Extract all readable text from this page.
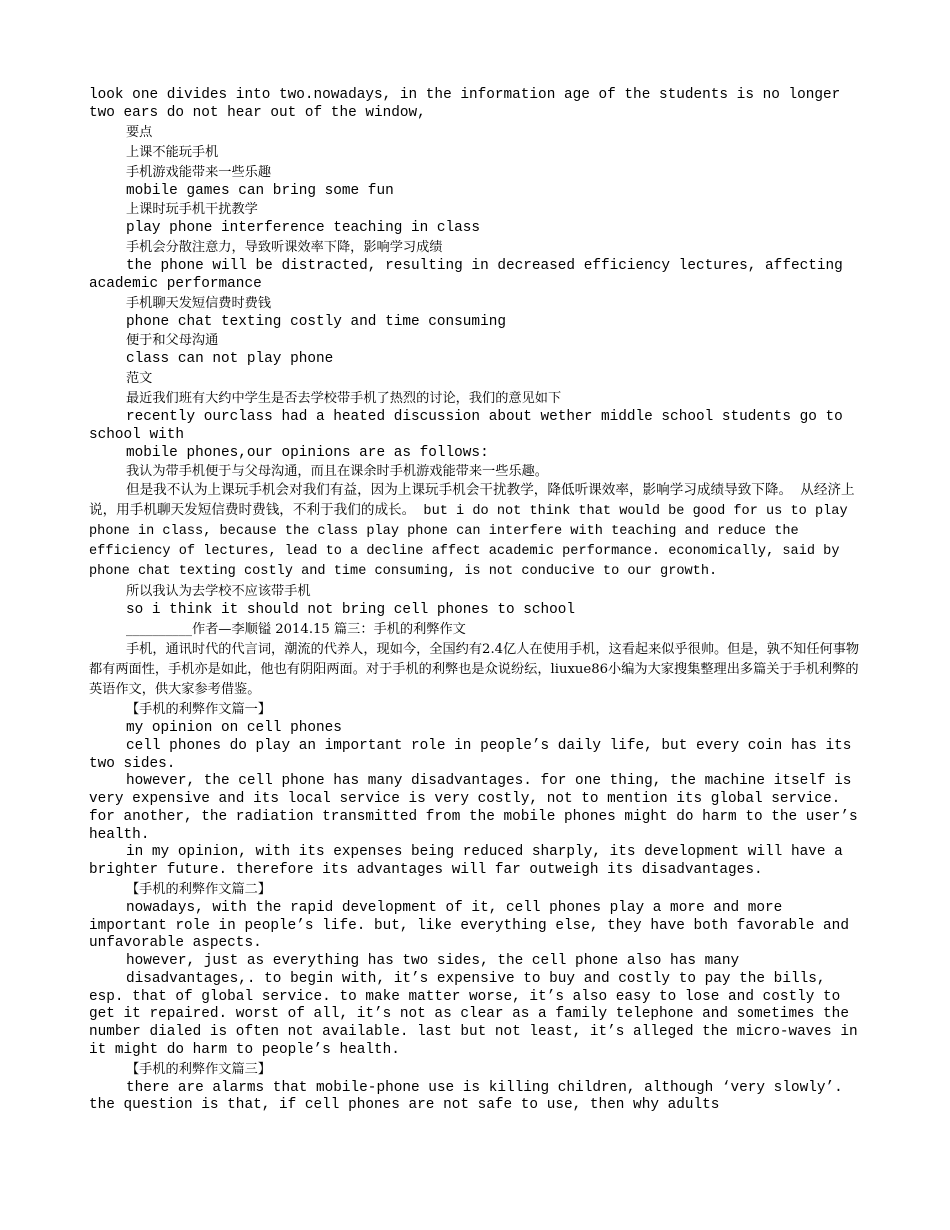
look one divides into two.nowadays, in the information age of the students is no longer two ears do not hear out of the window,

要点

上课不能玩手机

手机游戏能带来一些乐趣

mobile games can bring some fun

上课时玩手机干扰教学

play phone interference teaching in class

手机会分散注意力，导致听课效率下降，影响学习成绩

the phone will be distracted, resulting in decreased efficiency lectures, affecting academic performance

手机聊天发短信费时费钱

phone chat texting costly and time consuming

便于和父母沟通

class can not play phone

范文

最近我们班有大约中学生是否去学校带手机了热烈的讨论，我们的意见如下

recently ourclass had a heated discussion about wether middle school students go to school with

mobile phones,our opinions are as follows:

我认为带手机便于与父母沟通，而且在课余时手机游戏能带来一些乐趣。

但是我不认为上课玩手机会对我们有益，因为上课玩手机会干扰教学，降低听课效率，影响学习成绩导致下降。 从经济上说，用手机聊天发短信费时费钱，不利于我们的成长。 but i do not think that would be good for us to play phone in class, because the class play phone can interfere with teaching and reduce the efficiency of lectures, lead to a decline affect academic performance. economically, said by phone chat texting costly and time consuming, is not conducive to our growth.

所以我认为去学校不应该带手机

so i think it should not bring cell phones to school

__________作者—李顺镒 2014.15 篇三：手机的利弊作文

手机，通讯时代的代言词，潮流的代养人，现如今，全国约有2.4亿人在使用手机，这看起来似乎很帅。但是，孰不知任何事物都有两面性，手机亦是如此，他也有阴阳两面。对于手机的利弊也是众说纷纭，liuxue86小编为大家搜集整理出多篇关于手机利弊的英语作文，供大家参考借鉴。

【手机的利弊作文篇一】

my opinion on cell phones

cell phones do play an important role in people’s daily life, but every coin has its two sides.

however, the cell phone has many disadvantages. for one thing, the machine itself is very expensive and its local service is very costly, not to mention its global service. for another, the radiation transmitted from the mobile phones might do harm to the user’s health.

in my opinion, with its expenses being reduced sharply, its development will have a brighter future. therefore its advantages will far outweigh its disadvantages.

【手机的利弊作文篇二】

nowadays, with the rapid development of it, cell phones play a more and more important role in people’s life. but, like everything else, they have both favorable and unfavorable aspects.

however, just as everything has two sides, the cell phone also has many

disadvantages,. to begin with, it’s expensive to buy and costly to pay the bills, esp. that of global service. to make matter worse, it’s also easy to lose and costly to get it repaired. worst of all, it’s not as clear as a family telephone and sometimes the number dialed is often not available. last but not least, it’s alleged the micro-waves in it might do harm to people’s health.

【手机的利弊作文篇三】

there are alarms that mobile-phone use is killing children, although ‘very slowly’. the question is that, if cell phones are not safe to use, then why adults
